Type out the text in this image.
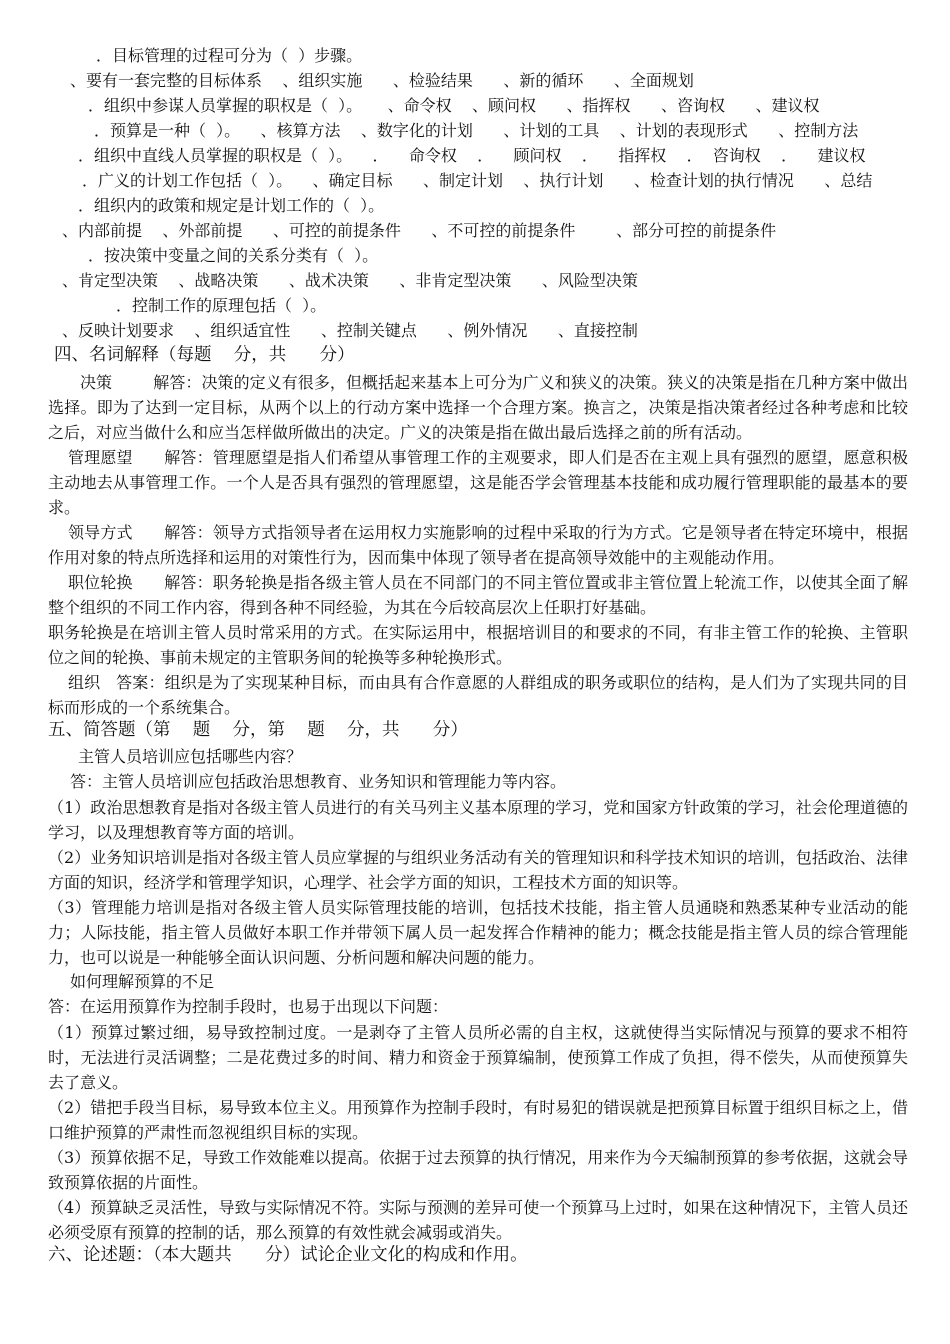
．目标管理的过程可分为（  ）步骤。
、要有一套完整的目标体系    、组织实施      、检验结果      、新的循环      、全面规划
．组织中参谋人员掌握的职权是（  ）。     、命令权    、顾问权      、指挥权      、咨询权      、建议权
．预算是一种（  ）。    、核算方法    、数字化的计划      、计划的工具    、计划的表现形式      、控制方法
．组织中直线人员掌握的职权是（  ）。    ．    命令权    ．    顾问权    ．    指挥权    ．  咨询权    ．    建议权
．广义的计划工作包括（  ）。    、确定目标      、制定计划    、执行计划      、检查计划的执行情况      、总结
．组织内的政策和规定是计划工作的（  ）。
、内部前提    、外部前提      、可控的前提条件      、不可控的前提条件        、部分可控的前提条件
．按决策中变量之间的关系分类有（  ）。
、肯定型决策    、战略决策      、战术决策      、非肯定型决策      、风险型决策
．控制工作的原理包括（  ）。
、反映计划要求    、组织适宜性      、控制关键点      、例外情况      、直接控制
四、名词解释（每题    分，共      分）
决策	解答：决策的定义有很多，但概括起来基本上可分为广义和狭义的决策。狭义的决策是指在几种方案中做出选择。即为了达到一定目标，从两个以上的行动方案中选择一个合理方案。换言之，决策是指决策者经过各种考虑和比较之后，对应当做什么和应当怎样做所做出的决定。广义的决策是指在做出最后选择之前的所有活动。
管理愿望 解答：管理愿望是指人们希望从事管理工作的主观要求，即人们是否在主观上具有强烈的愿望，愿意积极主动地去从事管理工作。一个人是否具有强烈的管理愿望，这是能否学会管理基本技能和成功履行管理职能的最基本的要求。
领导方式 解答：领导方式指领导者在运用权力实施影响的过程中采取的行为方式。它是领导者在特定环境中，根据作用对象的特点所选择和运用的对策性行为，因而集中体现了领导者在提高领导效能中的主观能动作用。
职位轮换 解答：职务轮换是指各级主管人员在不同部门的不同主管位置或非主管位置上轮流工作，以使其全面了解整个组织的不同工作内容，得到各种不同经验，为其在今后较高层次上任职打好基础。
职务轮换是在培训主管人员时常采用的方式。在实际运用中，根据培训目的和要求的不同，有非主管工作的轮换、主管职位之间的轮换、事前未规定的主管职务间的轮换等多种轮换形式。
组织 答案：组织是为了实现某种目标，而由具有合作意愿的人群组成的职务或职位的结构，是人们为了实现共同的目标而形成的一个系统集合。
五、简答题（第    题    分，第    题    分，共      分）
主管人员培训应包括哪些内容？
答：主管人员培训应包括政治思想教育、业务知识和管理能力等内容。
（1）政治思想教育是指对各级主管人员进行的有关马列主义基本原理的学习，党和国家方针政策的学习，社会伦理道德的学习，以及理想教育等方面的培训。
（2）业务知识培训是指对各级主管人员应掌握的与组织业务活动有关的管理知识和科学技术知识的培训，包括政治、法律方面的知识，经济学和管理学知识，心理学、社会学方面的知识，工程技术方面的知识等。
（3）管理能力培训是指对各级主管人员实际管理技能的培训，包括技术技能，指主管人员通晓和熟悉某种专业活动的能力；人际技能，指主管人员做好本职工作并带领下属人员一起发挥合作精神的能力；概念技能是指主管人员的综合管理能力，也可以说是一种能够全面认识问题、分析问题和解决问题的能力。
如何理解预算的不足
答：在运用预算作为控制手段时，也易于出现以下问题：
（1）预算过繁过细，易导致控制过度。一是剥夺了主管人员所必需的自主权，这就使得当实际情况与预算的要求不相符时，无法进行灵活调整；二是花费过多的时间、精力和资金于预算编制，使预算工作成了负担，得不偿失，从而使预算失去了意义。
（2）错把手段当目标，易导致本位主义。用预算作为控制手段时，有时易犯的错误就是把预算目标置于组织目标之上，借口维护预算的严肃性而忽视组织目标的实现。
（3）预算依据不足，导致工作效能难以提高。依据于过去预算的执行情况，用来作为今天编制预算的参考依据，这就会导致预算依据的片面性。
（4）预算缺乏灵活性，导致与实际情况不符。实际与预测的差异可使一个预算马上过时，如果在这种情况下，主管人员还必须受原有预算的控制的话，那么预算的有效性就会减弱或消失。
六、论述题：（本大题共      分）试论企业文化的构成和作用。
